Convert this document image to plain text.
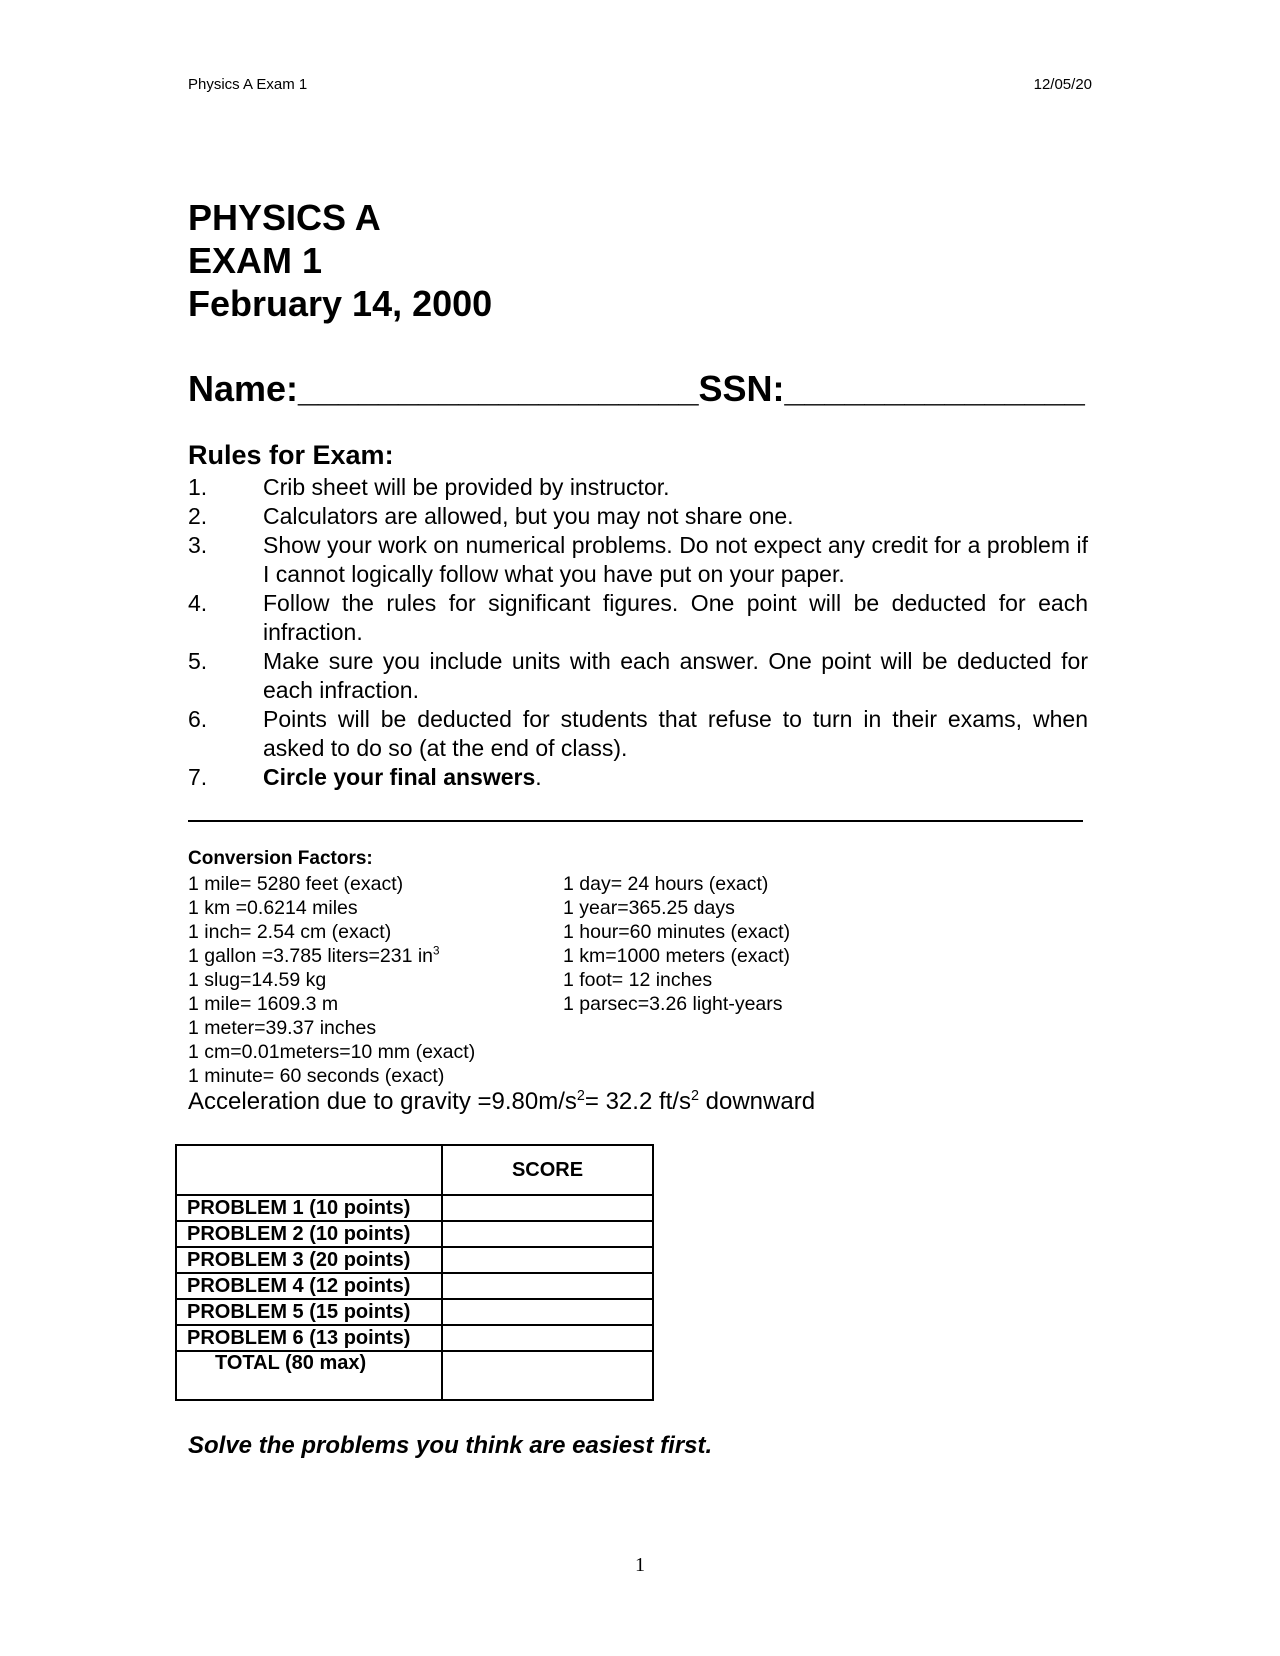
Physics A Exam 1	12/05/20
PHYSICS A
EXAM 1
February 14, 2000
Name:____________________SSN:_______________
Rules for Exam:
1.	Crib sheet will be provided by instructor.
2.	Calculators are allowed, but you may not share one.
3.	Show your work on numerical problems. Do not expect any credit for a problem if I cannot logically follow what you have put on your paper.
4.	Follow the rules for significant figures. One point will be deducted for each infraction.
5.	Make sure you include units with each answer. One point will be deducted for each infraction.
6.	Points will be deducted for students that refuse to turn in their exams, when asked to do so (at the end of class).
7.	Circle your final answers.
Conversion Factors:
1 mile= 5280 feet (exact)
1 km =0.6214 miles
1 inch= 2.54 cm (exact)
1 gallon =3.785 liters=231 $in^3$
1 slug=14.59 kg
1 mile= 1609.3 m
1 meter=39.37 inches
1 cm=0.01meters=10 mm (exact)
1 minute= 60 seconds (exact)
1 day= 24 hours (exact)
1 year=365.25 days
1 hour=60 minutes (exact)
1 km=1000 meters (exact)
1 foot= 12 inches
1 parsec=3.26 light-years
Acceleration due to gravity $=9.80m/s^2= 32.2$ $ft/s^2$ downward
	SCORE
PROBLEM 1 (10 points)	
PROBLEM 2 (10 points)	
PROBLEM 3 (20 points)	
PROBLEM 4 (12 points)	
PROBLEM 5 (15 points)	
PROBLEM 6 (13 points)	
TOTAL (80 max)	
Solve the problems you think are easiest first.
1
